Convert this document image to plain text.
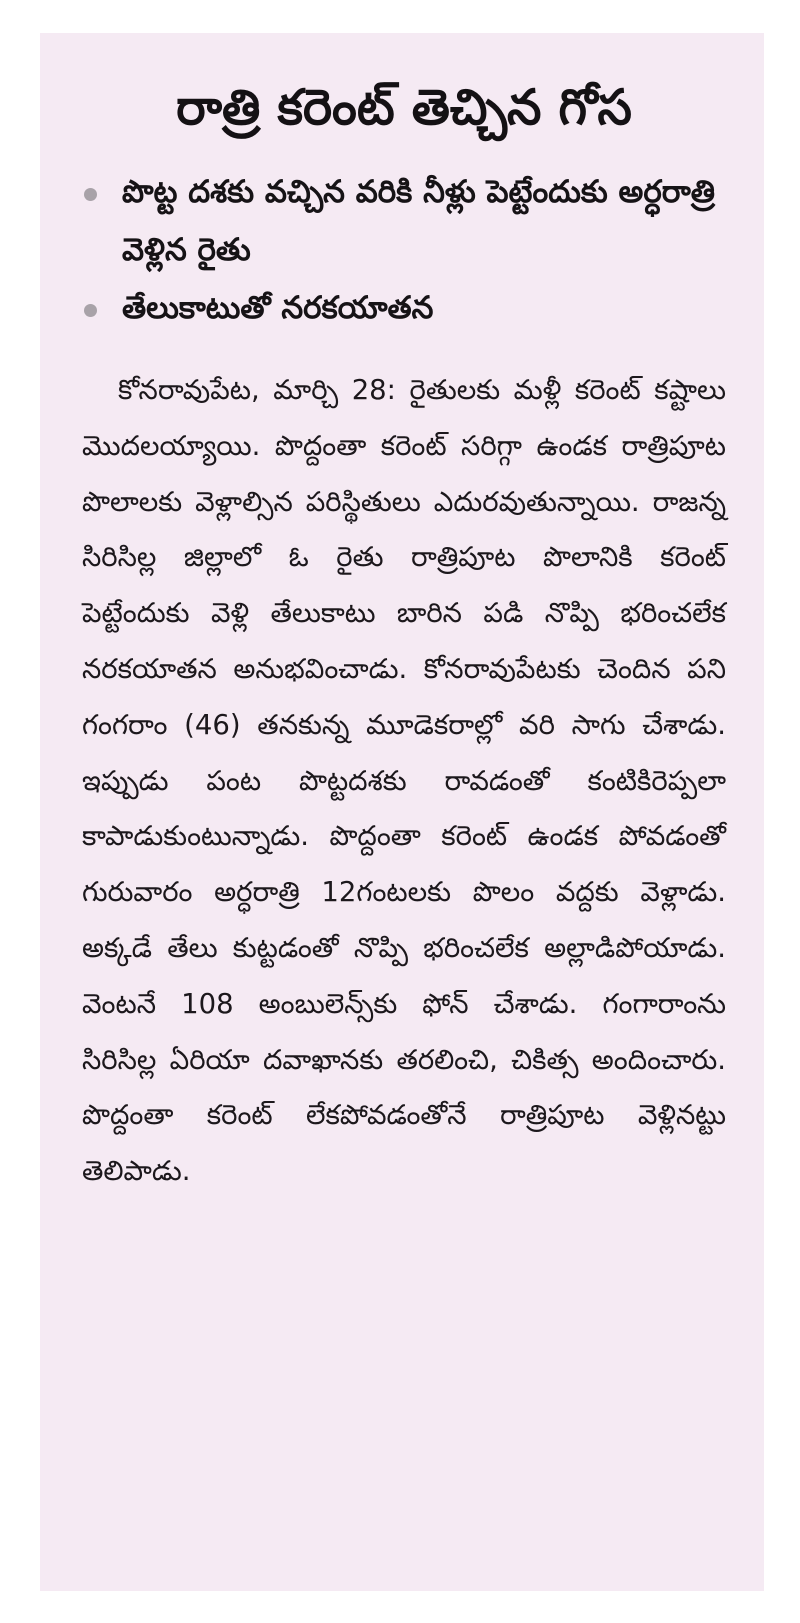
రాత్రి కరెంట్‌ తెచ్చిన గోస
పొట్ట దశకు వచ్చిన వరికి నీళ్లు పెట్టేందుకు అర్ధరాత్రి వెళ్లిన రైతు
తేలుకాటుతో నరకయాతన

కోనరావుపేట, మార్చి 28: రైతులకు మళ్లీ కరెంట్‌ కష్టాలు మొదలయ్యాయి. పొద్దంతా కరెంట్‌ సరిగ్గా ఉండక రాత్రిపూట పొలాలకు వెళ్లాల్సిన పరిస్థితులు ఎదురవుతున్నాయి. రాజన్న సిరిసిల్ల జిల్లాలో ఓ రైతు రాత్రిపూట పొలానికి కరెంట్‌ పెట్టేందుకు వెళ్లి తేలుకాటు బారిన పడి నొప్పి భరించలేక నరకయాతన అనుభవించాడు. కోనరావుపేటకు చెందిన పని గంగరాం (46) తనకున్న మూడెకరాల్లో వరి సాగు చేశాడు. ఇప్పుడు పంట పొట్టదశకు రావడంతో కంటికిరెప్పలా కాపాడుకుంటున్నాడు. పొద్దంతా కరెంట్‌ ఉండక పోవడంతో గురువారం అర్ధరాత్రి 12గంటలకు పొలం వద్దకు వెళ్లాడు. అక్కడే తేలు కుట్టడంతో నొప్పి భరించలేక అల్లాడిపోయాడు. వెంటనే 108 అంబులెన్స్‌కు ఫోన్‌ చేశాడు. గంగారాంను సిరిసిల్ల ఏరియా దవాఖానకు తరలించి, చికిత్స అందించారు. పొద్దంతా కరెంట్‌ లేకపోవడంతోనే రాత్రిపూట వెళ్లినట్టు తెలిపాడు.
